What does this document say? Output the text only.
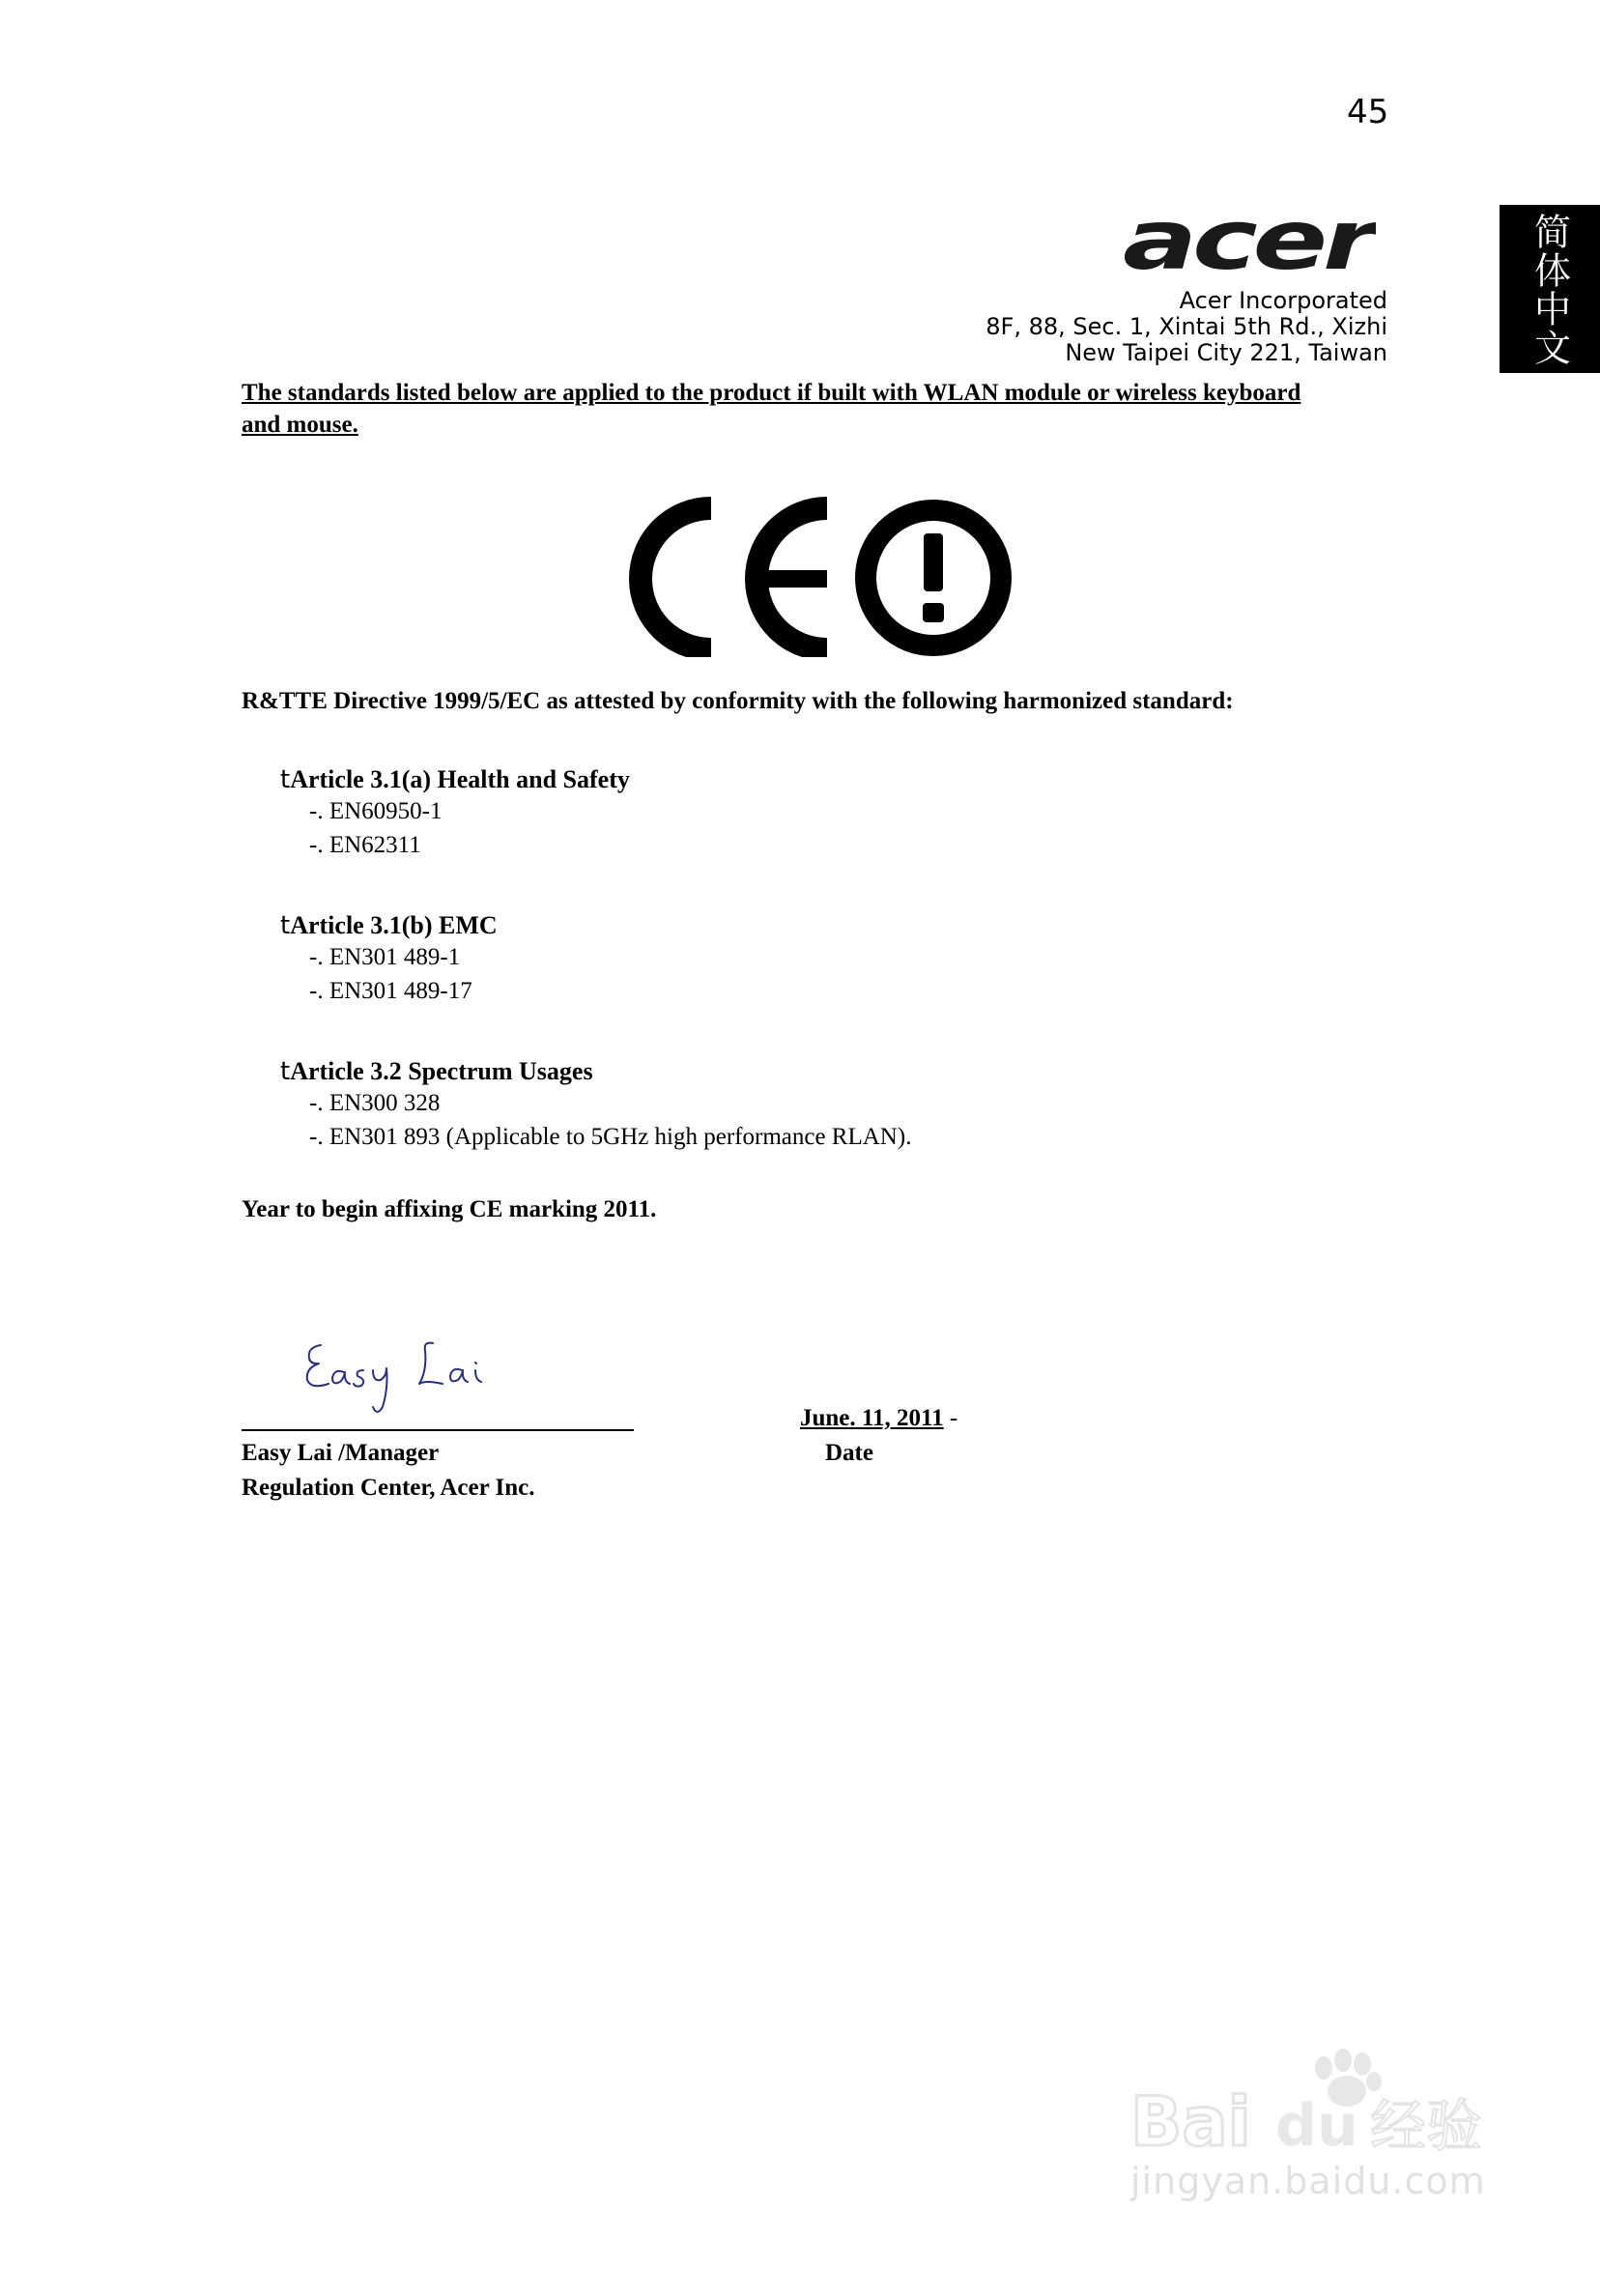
45
简体中文
acer
Acer Incorporated
8F, 88, Sec. 1, Xintai 5th Rd., Xizhi
New Taipei City 221, Taiwan
The standards listed below are applied to the product if built with WLAN module or wireless keyboard and mouse.
R&TTE Directive 1999/5/EC as attested by conformity with the following harmonized standard:
tArticle 3.1(a) Health and Safety
-. EN60950-1
-. EN62311
tArticle 3.1(b) EMC
-. EN301 489-1
-. EN301 489-17
tArticle 3.2 Spectrum Usages
-. EN300 328
-. EN301 893 (Applicable to 5GHz high performance RLAN).
Year to begin affixing CE marking 2011.
June. 11, 2011 -
Easy Lai /Manager	Date
Regulation Center, Acer Inc.
Bai du 经验
jingyan.baidu.com
